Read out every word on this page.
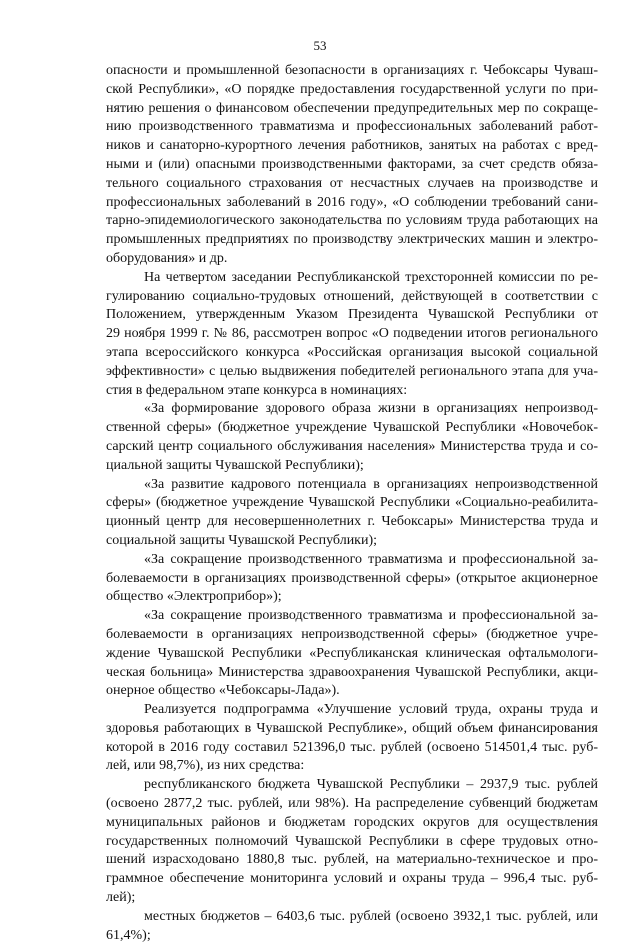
53
опасности и промышленной безопасности в организациях г. Чебоксары Чуваш-
ской Республики», «О порядке предоставления государственной услуги по при-
нятию решения о финансовом обеспечении предупредительных мер по сокраще-
нию производственного травматизма и профессиональных заболеваний работ-
ников и санаторно-курортного лечения работников, занятых на работах с вред-
ными и (или) опасными производственными факторами, за счет средств обяза-
тельного социального страхования от несчастных случаев на производстве и
профессиональных заболеваний в 2016 году», «О соблюдении требований сани-
тарно-эпидемиологического законодательства по условиям труда работающих на
промышленных предприятиях по производству электрических машин и электро-
оборудования» и др.
На четвертом заседании Республиканской трехсторонней комиссии по ре-
гулированию социально-трудовых отношений, действующей в соответствии с
Положением, утвержденным Указом Президента Чувашской Республики от
29 ноября 1999 г. № 86, рассмотрен вопрос «О подведении итогов регионального
этапа всероссийского конкурса «Российская организация высокой социальной
эффективности» с целью выдвижения победителей регионального этапа для уча-
стия в федеральном этапе конкурса в номинациях:
«За формирование здорового образа жизни в организациях непроизвод-
ственной сферы» (бюджетное учреждение Чувашской Республики «Новочебок-
сарский центр социального обслуживания населения» Министерства труда и со-
циальной защиты Чувашской Республики);
«За развитие кадрового потенциала в организациях непроизводственной
сферы» (бюджетное учреждение Чувашской Республики «Социально-реабилита-
ционный центр для несовершеннолетних г. Чебоксары» Министерства труда и
социальной защиты Чувашской Республики);
«За сокращение производственного травматизма и профессиональной за-
болеваемости в организациях производственной сферы» (открытое акционерное
общество «Электроприбор»);
«За сокращение производственного травматизма и профессиональной за-
болеваемости в организациях непроизводственной сферы» (бюджетное учре-
ждение Чувашской Республики «Республиканская клиническая офтальмологи-
ческая больница» Министерства здравоохранения Чувашской Республики, акци-
онерное общество «Чебоксары-Лада»).
Реализуется подпрограмма «Улучшение условий труда, охраны труда и
здоровья работающих в Чувашской Республике», общий объем финансирования
которой в 2016 году составил 521396,0 тыс. рублей (освоено 514501,4 тыс. руб-
лей, или 98,7%), из них средства:
республиканского бюджета Чувашской Республики – 2937,9 тыс. рублей
(освоено 2877,2 тыс. рублей, или 98%). На распределение субвенций бюджетам
муниципальных районов и бюджетам городских округов для осуществления
государственных полномочий Чувашской Республики в сфере трудовых отно-
шений израсходовано 1880,8 тыс. рублей, на материально-техническое и про-
граммное обеспечение мониторинга условий и охраны труда – 996,4 тыс. руб-
лей);
местных бюджетов – 6403,6 тыс. рублей (освоено 3932,1 тыс. рублей, или
61,4%);
